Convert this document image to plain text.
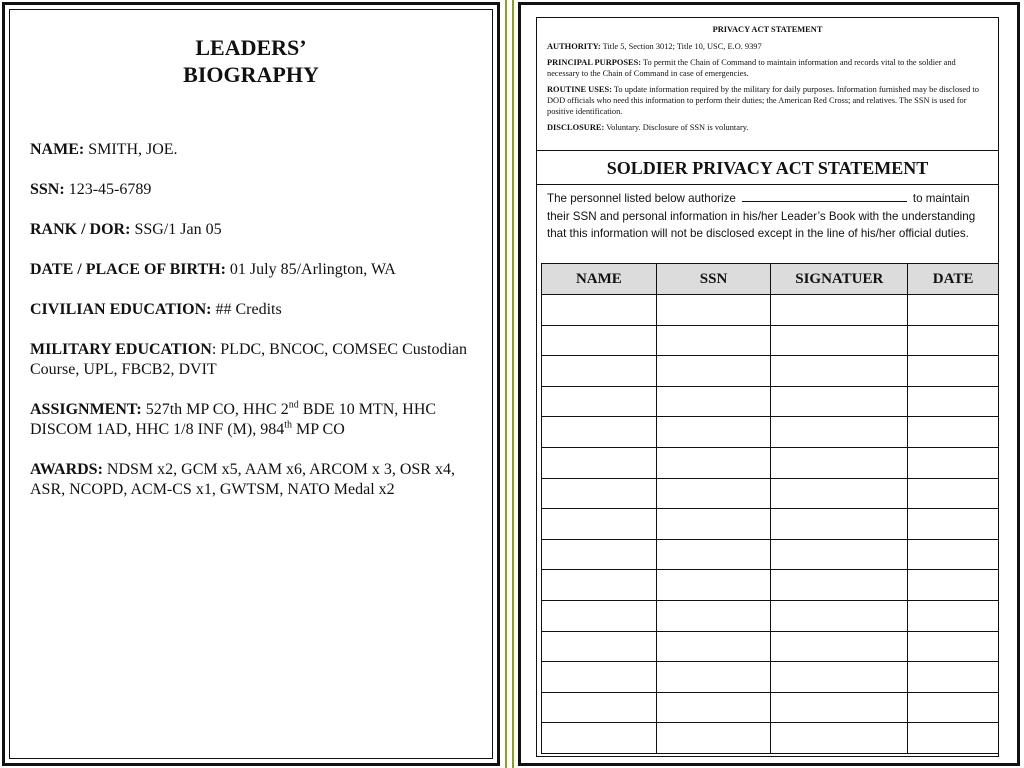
LEADERS’
BIOGRAPHY
NAME: SMITH, JOE.
SSN: 123-45-6789
RANK / DOR: SSG/1 Jan 05
DATE / PLACE OF BIRTH: 01 July 85/Arlington, WA
CIVILIAN EDUCATION: ## Credits
MILITARY EDUCATION: PLDC, BNCOC, COMSEC Custodian Course, UPL, FBCB2, DVIT
ASSIGNMENT: 527th MP CO, HHC 2nd BDE 10 MTN, HHC DISCOM 1AD, HHC 1/8 INF (M), 984th MP CO
AWARDS: NDSM x2, GCM x5, AAM x6, ARCOM x 3, OSR x4, ASR, NCOPD, ACM-CS x1, GWTSM, NATO Medal x2
PRIVACY ACT STATEMENT

AUTHORITY: Title 5, Section 3012; Title 10, USC, E.O. 9397

PRINCIPAL PURPOSES: To permit the Chain of Command to maintain information and records vital to the soldier and necessary to the Chain of Command in case of emergencies.

ROUTINE USES: To update information required by the military for daily purposes. Information furnished may be disclosed to DOD officials who need this information to perform their duties; the American Red Cross; and relatives. The SSN is used for positive identification.

DISCLOSURE: Voluntary. Disclosure of SSN is voluntary.

SOLDIER PRIVACY ACT STATEMENT
The personnel listed below authorize	to maintain their SSN and personal information in his/her Leader’s Book with the understanding that this information will not be disclosed except in the line of his/her official duties.
NAME	SSN	SIGNATUER	DATE
